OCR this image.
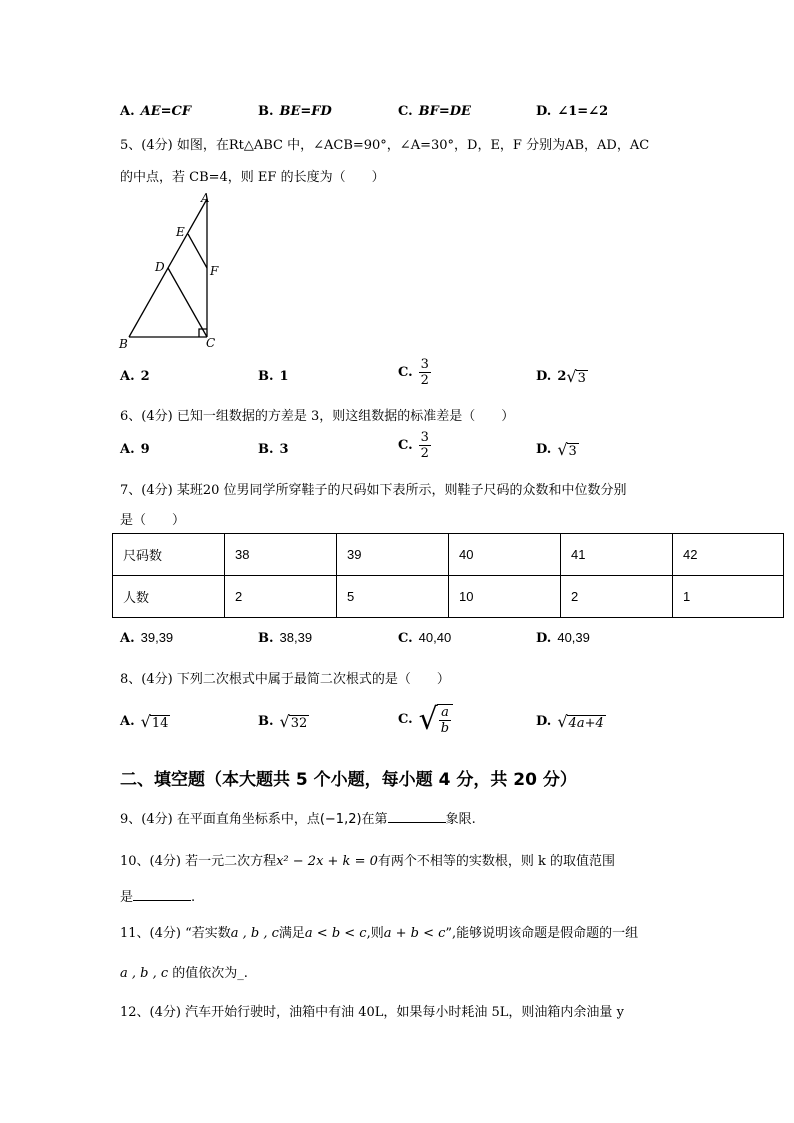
A. AE=CF	B. BE=FD	C. BF=DE	D. ∠1=∠2
5、(4分) 如图，在Rt△ABC 中，∠ACB=90°，∠A=30°，D，E，F 分别为AB，AD，AC
的中点，若 CB=4，则 EF 的长度为（　　）
A
E
F
D
B	C
A. 2	B. 1	C. $\frac{3}{2}$	D. 2√3
6、(4分) 已知一组数据的方差是 3，则这组数据的标准差是（　　）
A. 9	B. 3	C. $\frac{3}{2}$	D. √3
7、(4分) 某班20 位男同学所穿鞋子的尺码如下表所示，则鞋子尺码的众数和中位数分别
是（　　）
尺码数	38	39	40	41	42
人数	2	5	10	2	1
A. 39,39	B. 38,39	C. 40,40	D. 40,39
8、(4分) 下列二次根式中属于最简二次根式的是（　　）
A. √14	B. √32	C. √ $\frac{a}{b}$	D. √4a+4
二、填空题（本大题共 5 个小题，每小题 4 分，共 20 分）
9、(4分) 在平面直角坐标系中，点(−1,2)在第	象限.
10、(4分) 若一元二次方程x² − 2x + k = 0有两个不相等的实数根，则 k 的取值范围
是	.
11、(4分) “若实数a , b , c满足a < b < c,则a + b < c”,能够说明该命题是假命题的一组
a , b , c 的值依次为_.
12、(4分) 汽车开始行驶时，油箱中有油 40L，如果每小时耗油 5L，则油箱内余油量 y
